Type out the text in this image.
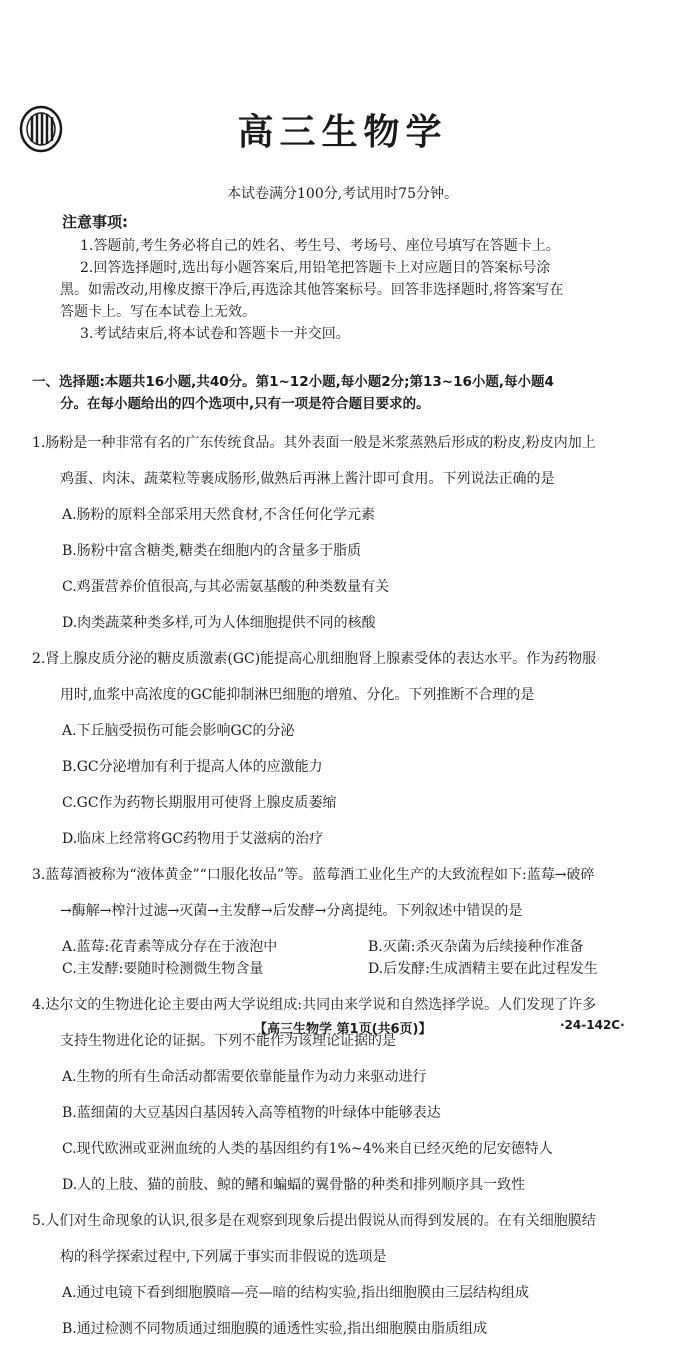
高三生物学
本试卷满分100分,考试用时75分钟。
注意事项:

1.答题前,考生务必将自己的姓名、考生号、考场号、座位号填写在答题卡上。

2.回答选择题时,选出每小题答案后,用铅笔把答题卡上对应题目的答案标号涂

黑。如需改动,用橡皮擦干净后,再选涂其他答案标号。回答非选择题时,将答案写在

答题卡上。写在本试卷上无效。

3.考试结束后,将本试卷和答题卡一并交回。

一、选择题:本题共16小题,共40分。第1~12小题,每小题2分;第13~16小题,每小题4

分。在每小题给出的四个选项中,只有一项是符合题目要求的。

1.肠粉是一种非常有名的广东传统食品。其外表面一般是米浆蒸熟后形成的粉皮,粉皮内加上

鸡蛋、肉沫、蔬菜粒等裹成肠形,做熟后再淋上酱汁即可食用。下列说法正确的是

A.肠粉的原料全部采用天然食材,不含任何化学元素

B.肠粉中富含糖类,糖类在细胞内的含量多于脂质

C.鸡蛋营养价值很高,与其必需氨基酸的种类数量有关

D.肉类蔬菜种类多样,可为人体细胞提供不同的核酸

2.肾上腺皮质分泌的糖皮质激素(GC)能提高心肌细胞肾上腺素受体的表达水平。作为药物服

用时,血浆中高浓度的GC能抑制淋巴细胞的增殖、分化。下列推断不合理的是

A.下丘脑受损伤可能会影响GC的分泌

B.GC分泌增加有利于提高人体的应激能力

C.GC作为药物长期服用可使肾上腺皮质萎缩

D.临床上经常将GC药物用于艾滋病的治疗

3.蓝莓酒被称为“液体黄金”“口服化妆品”等。蓝莓酒工业化生产的大致流程如下:蓝莓→破碎

→酶解→榨汁过滤→灭菌→主发酵→后发酵→分离提纯。下列叙述中错误的是

A.蓝莓:花青素等成分存在于液泡中	B.灭菌:杀灭杂菌为后续接种作准备
C.主发酵:要随时检测微生物含量	D.后发酵:生成酒精主要在此过程发生

4.达尔文的生物进化论主要由两大学说组成:共同由来学说和自然选择学说。人们发现了许多

支持生物进化论的证据。下列不能作为该理论证据的是

A.生物的所有生命活动都需要依靠能量作为动力来驱动进行

B.蓝细菌的大豆基因白基因转入高等植物的叶绿体中能够表达

C.现代欧洲或亚洲血统的人类的基因组约有1%~4%来自已经灭绝的尼安德特人

D.人的上肢、猫的前肢、鲸的鳍和蝙蝠的翼骨骼的种类和排列顺序具一致性

5.人们对生命现象的认识,很多是在观察到现象后提出假说从而得到发展的。在有关细胞膜结

构的科学探索过程中,下列属于事实而非假说的选项是

A.通过电镜下看到细胞膜暗—亮—暗的结构实验,指出细胞膜由三层结构组成

B.通过检测不同物质通过细胞膜的通透性实验,指出细胞膜由脂质组成

【高三生物学 第1页(共6页)】	·24-142C·
